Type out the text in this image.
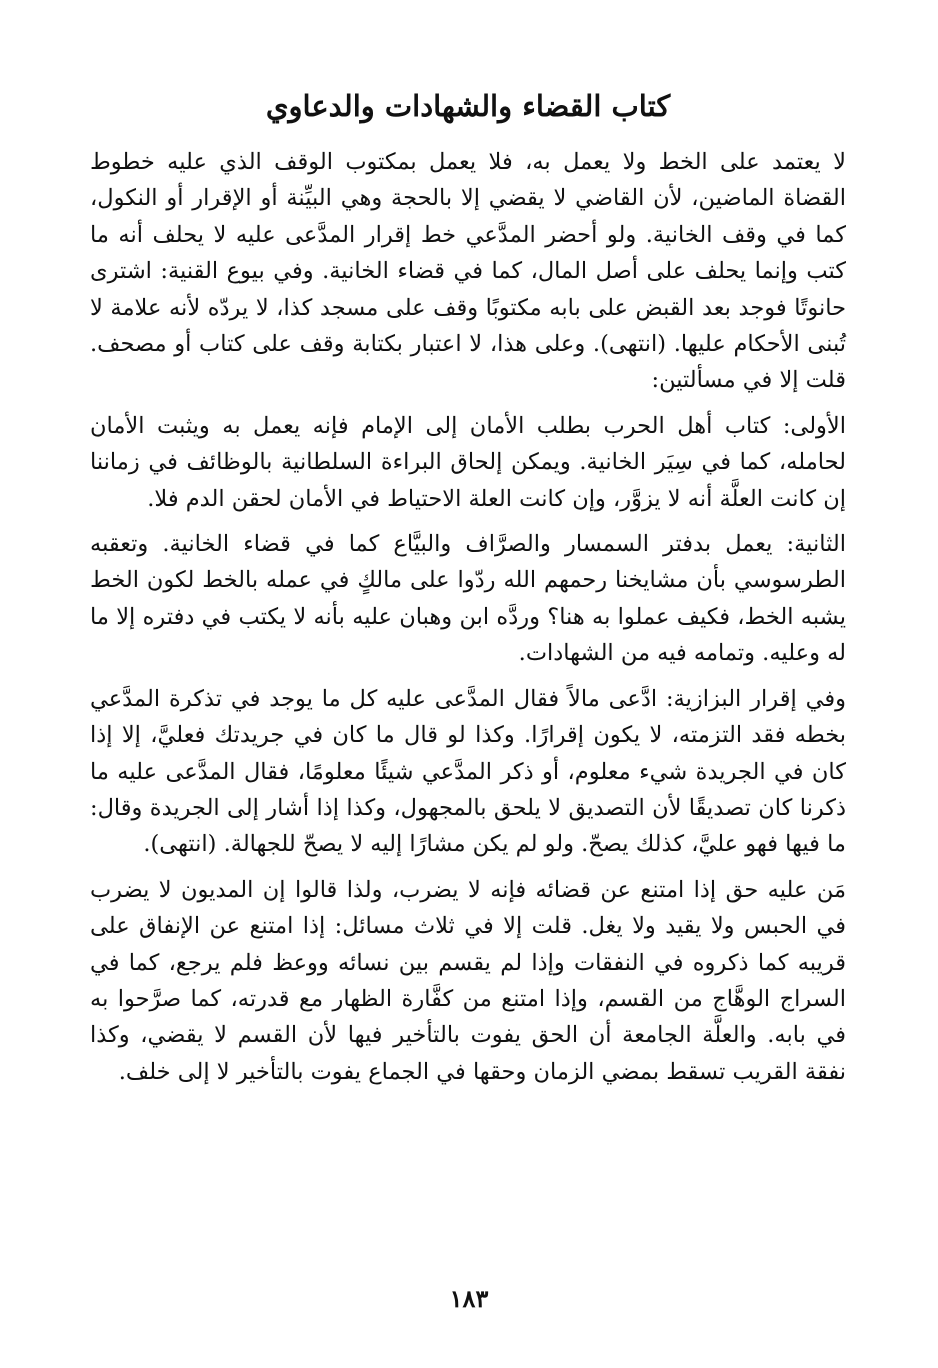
كتاب القضاء والشهادات والدعاوي

لا يعتمد على الخط ولا يعمل به، فلا يعمل بمكتوب الوقف الذي عليه خطوط القضاة الماضين، لأن القاضي لا يقضي إلا بالحجة وهي البيِّنة أو الإقرار أو النكول، كما في وقف الخانية. ولو أحضر المدَّعي خط إقرار المدَّعى عليه لا يحلف أنه ما كتب وإنما يحلف على أصل المال، كما في قضاء الخانية. وفي بيوع القنية: اشترى حانوتًا فوجد بعد القبض على بابه مكتوبًا وقف على مسجد كذا، لا يردّه لأنه علامة لا تُبنى الأحكام عليها. (انتهى). وعلى هذا، لا اعتبار بكتابة وقف على كتاب أو مصحف. قلت إلا في مسألتين:

الأولى: كتاب أهل الحرب بطلب الأمان إلى الإمام فإنه يعمل به ويثبت الأمان لحامله، كما في سِيَر الخانية. ويمكن إلحاق البراءة السلطانية بالوظائف في زماننا إن كانت العلَّة أنه لا يزوَّر، وإن كانت العلة الاحتياط في الأمان لحقن الدم فلا.

الثانية: يعمل بدفتر السمسار والصرَّاف والبيَّاع كما في قضاء الخانية. وتعقبه الطرسوسي بأن مشايخنا رحمهم الله ردّوا على مالكٍ في عمله بالخط لكون الخط يشبه الخط، فكيف عملوا به هنا؟ وردَّه ابن وهبان عليه بأنه لا يكتب في دفتره إلا ما له وعليه. وتمامه فيه من الشهادات.

وفي إقرار البزازية: ادَّعى مالاً فقال المدَّعى عليه كل ما يوجد في تذكرة المدَّعي بخطه فقد التزمته، لا يكون إقرارًا. وكذا لو قال ما كان في جريدتك فعليَّ، إلا إذا كان في الجريدة شيء معلوم، أو ذكر المدَّعي شيئًا معلومًا، فقال المدَّعى عليه ما ذكرنا كان تصديقًا لأن التصديق لا يلحق بالمجهول، وكذا إذا أشار إلى الجريدة وقال: ما فيها فهو عليَّ، كذلك يصحّ. ولو لم يكن مشارًا إليه لا يصحّ للجهالة. (انتهى).

مَن عليه حق إذا امتنع عن قضائه فإنه لا يضرب، ولذا قالوا إن المديون لا يضرب في الحبس ولا يقيد ولا يغل. قلت إلا في ثلاث مسائل: إذا امتنع عن الإنفاق على قريبه كما ذكروه في النفقات وإذا لم يقسم بين نسائه ووعظ فلم يرجع، كما في السراج الوهَّاج من القسم، وإذا امتنع من كفَّارة الظهار مع قدرته، كما صرَّحوا به في بابه. والعلَّة الجامعة أن الحق يفوت بالتأخير فيها لأن القسم لا يقضي، وكذا نفقة القريب تسقط بمضي الزمان وحقها في الجماع يفوت بالتأخير لا إلى خلف.

١٨٣
